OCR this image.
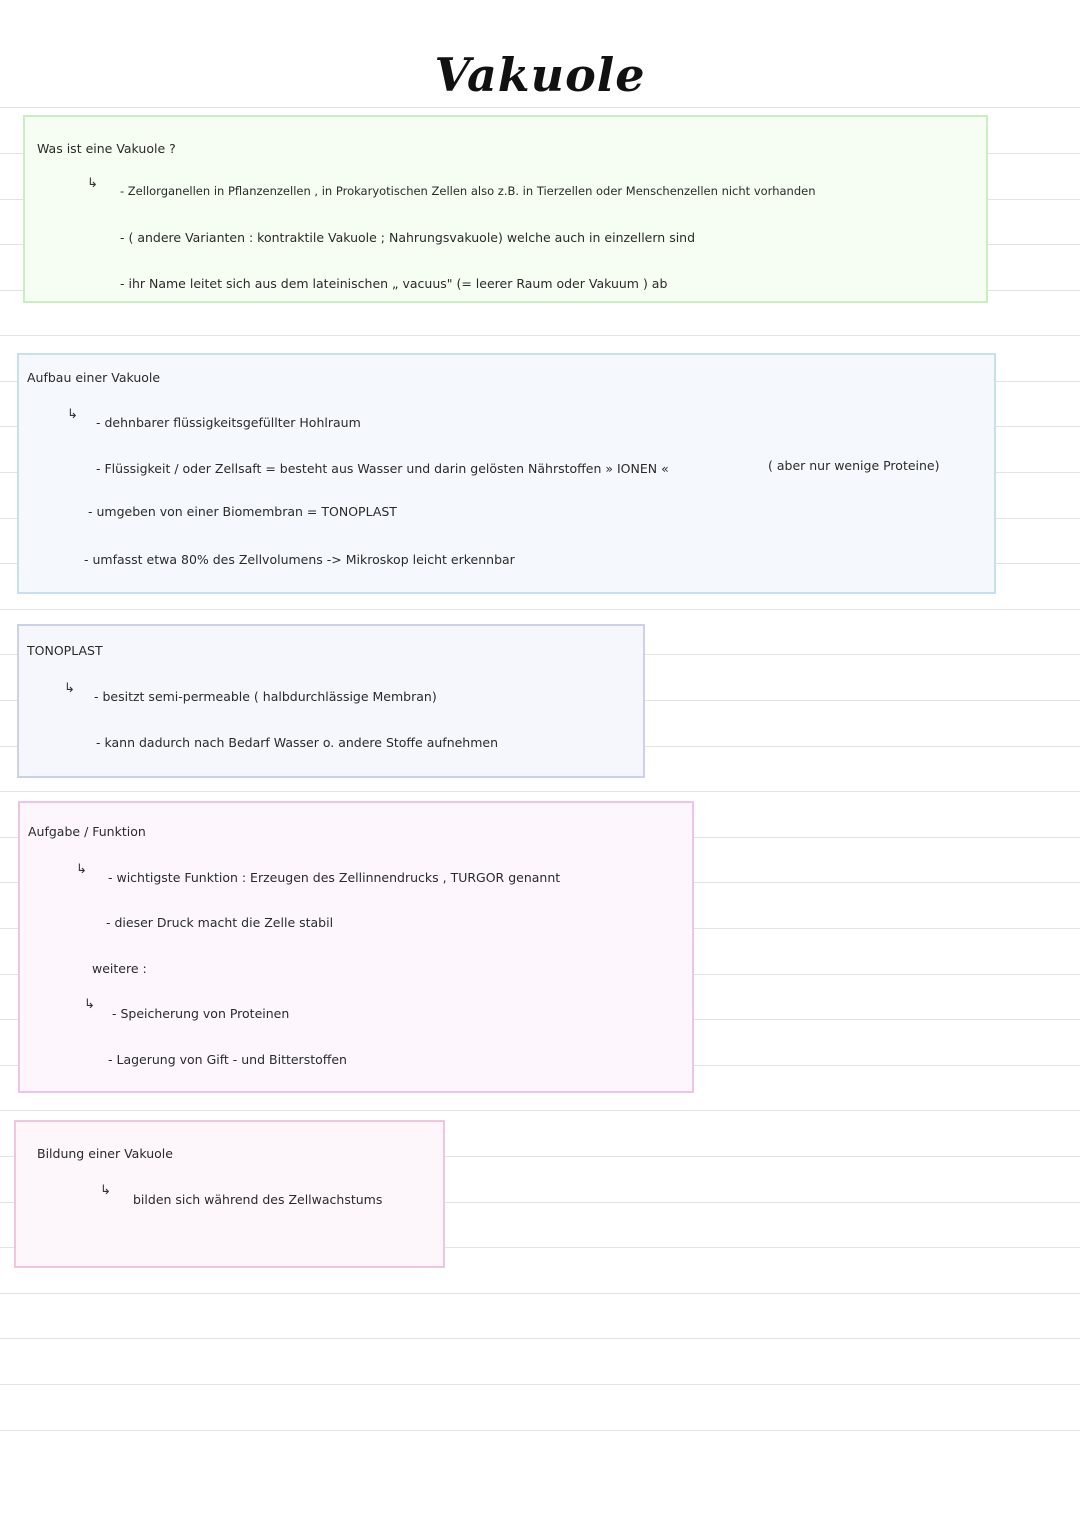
Vakuole
Was ist eine Vakuole ?
↳ - Zellorganellen in Pflanzenzellen , in Prokaryotischen Zellen also z.B. in Tierzellen oder Menschenzellen nicht vorhanden
- ( andere Varianten : kontraktile Vakuole ; Nahrungsvakuole) welche auch in einzellern sind
- ihr Name leitet sich aus dem lateinischen „ vacuus" (= leerer Raum oder Vakuum ) ab
Aufbau einer Vakuole
↳
- dehnbarer flüssigkeitsgefüllter Hohlraum
- Flüssigkeit / oder Zellsaft = besteht aus Wasser und darin gelösten Nährstoffen » IONEN «	( aber nur wenige Proteine)
- umgeben von einer Biomembran = TONOPLAST
- umfasst etwa 80% des Zellvolumens -> Mikroskop leicht erkennbar
TONOPLAST
↳
- besitzt semi-permeable ( halbdurchlässige Membran)
- kann dadurch nach Bedarf Wasser o. andere Stoffe aufnehmen
Aufgabe / Funktion
↳
- wichtigste Funktion : Erzeugen des Zellinnendrucks , TURGOR genannt
- dieser Druck macht die Zelle stabil
weitere :
↳
- Speicherung von Proteinen
- Lagerung von Gift - und Bitterstoffen
Bildung einer Vakuole
↳
bilden sich während des Zellwachstums
